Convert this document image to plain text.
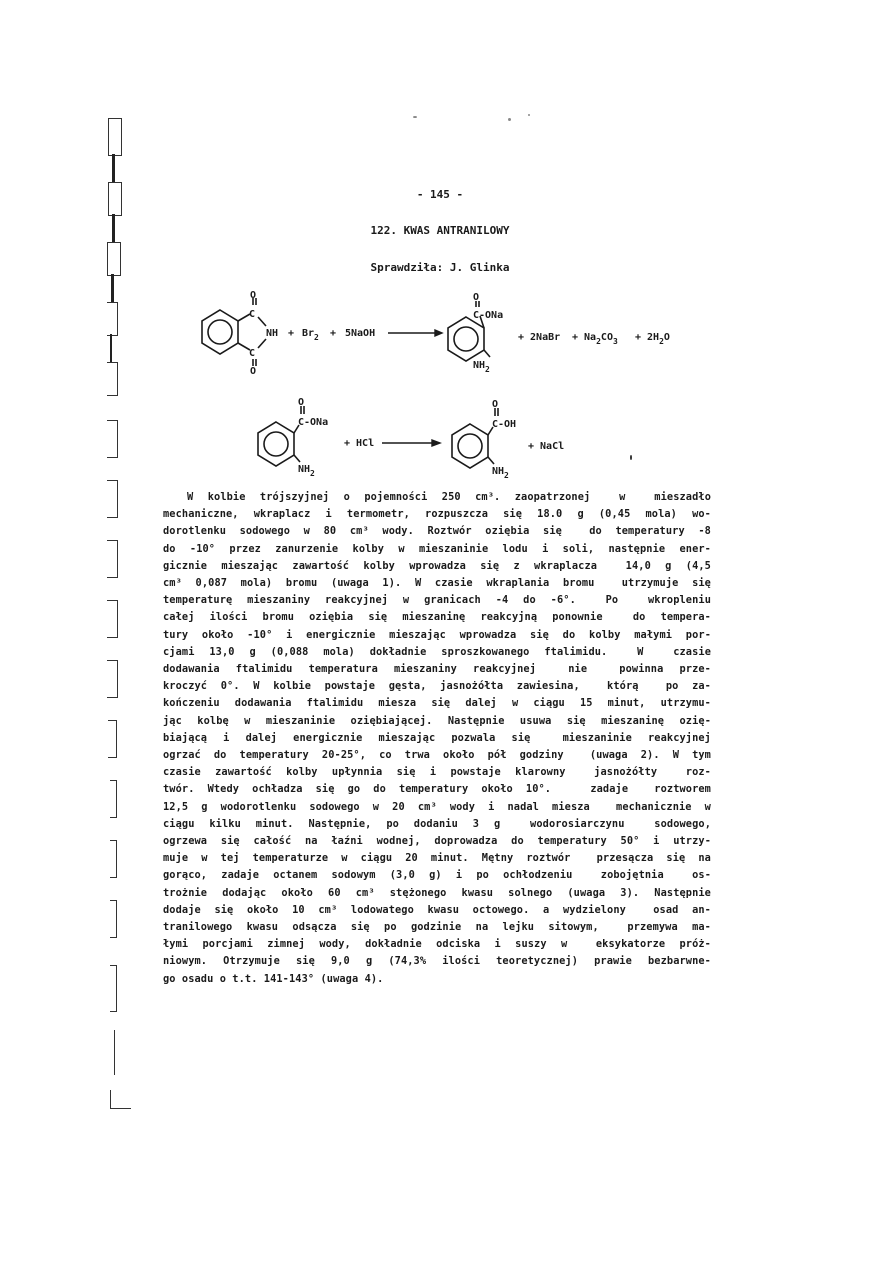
- 145 -
122. KWAS ANTRANILOWY
Sprawdziła: J. Glinka
O
C
NH
C
O
+ $Br_2$ + 5NaOH
O
C-ONa
$NH_2$
+ 2NaBr + $Na_2CO_3 + 2H_2O$
O
C-ONa
$NH_2$
+ HCl
O
C-OH
$NH_2$
+ NaCl
W kolbie trójszyjnej o pojemności 250 cm³. zaopatrzonej  w  mieszadło
mechaniczne, wkraplacz i termometr, rozpuszcza się 18.0 g (0,45 mola) wo-
dorotlenku sodowego w 80 cm³ wody. Roztwór oziębia się  do temperatury -8
do -10° przez zanurzenie kolby w mieszaninie lodu i soli, następnie ener-
gicznie mieszając zawartość kolby wprowadza się z wkraplacza  14,0 g (4,5
cm³ 0,087 mola) bromu (uwaga 1). W czasie wkraplania bromu  utrzymuje się
temperaturę mieszaniny reakcyjnej w granicach -4 do -6°.  Po  wkropleniu
całej ilości bromu oziębia się mieszaninę reakcyjną ponownie  do tempera-
tury około -10° i energicznie mieszając wprowadza się do kolby małymi por-
cjami 13,0 g (0,088 mola) dokładnie sproszkowanego ftalimidu.  W  czasie
dodawania ftalimidu temperatura mieszaniny reakcyjnej  nie  powinna prze-
kroczyć 0°. W kolbie powstaje gęsta, jasnożółta zawiesina,  którą  po za-
kończeniu dodawania ftalimidu miesza się dalej w ciągu 15 minut, utrzymu-
jąc kolbę w mieszaninie oziębiającej. Następnie usuwa się mieszaninę ozię-
biającą i dalej energicznie mieszając pozwala się  mieszaninie reakcyjnej
ogrzać do temperatury 20-25°, co trwa około pół godziny  (uwaga 2). W tym
czasie zawartość kolby upłynnia się i powstaje klarowny  jasnożółty  roz-
twór. Wtedy ochładza się go do temperatury około 10°.   zadaje  roztworem
12,5 g wodorotlenku sodowego w 20 cm³ wody i nadal miesza  mechanicznie w
ciągu kilku minut. Następnie, po dodaniu 3 g  wodorosiarczynu  sodowego,
ogrzewa się całość na łaźni wodnej, doprowadza do temperatury 50° i utrzy-
muje w tej temperaturze w ciągu 20 minut. Mętny roztwór  przesącza się na
gorąco, zadaje octanem sodowym (3,0 g) i po ochłodzeniu  zobojętnia  os-
trożnie dodając około 60 cm³ stężonego kwasu solnego (uwaga 3). Następnie
dodaje się około 10 cm³ lodowatego kwasu octowego. a wydzielony  osad an-
tranilowego kwasu odsącza się po godzinie na lejku sitowym,  przemywa ma-
łymi porcjami zimnej wody, dokładnie odciska i suszy w  eksykatorze próż-
niowym. Otrzymuje się 9,0 g (74,3% ilości teoretycznej) prawie bezbarwne-
go osadu o t.t. 141-143° (uwaga 4).
